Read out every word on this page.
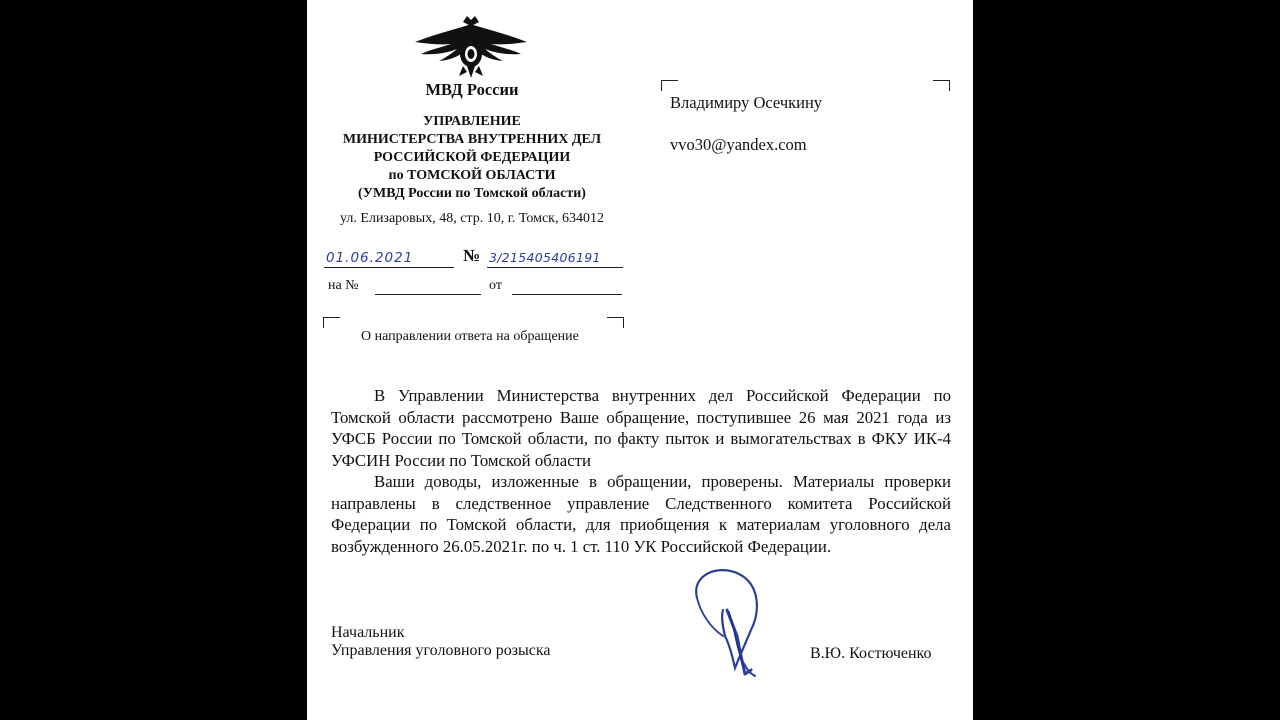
МВД России
УПРАВЛЕНИЕ
МИНИСТЕРСТВА ВНУТРЕННИХ ДЕЛ
РОССИЙСКОЙ ФЕДЕРАЦИИ
по ТОМСКОЙ ОБЛАСТИ
(УМВД России по Томской области)
ул. Елизаровых, 48, стр. 10, г. Томск, 634012
01.06.2021	№ 3/215405406191
на №	от
О направлении ответа на обращение
Владимиру Осечкину
vvo30@yandex.com

В Управлении Министерства внутренних дел Российской Федерации по Томской области рассмотрено Ваше обращение, поступившее 26 мая 2021 года из УФСБ России по Томской области, по факту пыток и вымогательствах в ФКУ ИК-4 УФСИН России по Томской области

Ваши доводы, изложенные в обращении, проверены. Материалы проверки направлены в следственное управление Следственного комитета Российской Федерации по Томской области, для приобщения к материалам уголовного дела возбужденного 26.05.2021г. по ч. 1 ст. 110 УК Российской Федерации.

Начальник
Управления уголовного розыска	В.Ю. Костюченко
